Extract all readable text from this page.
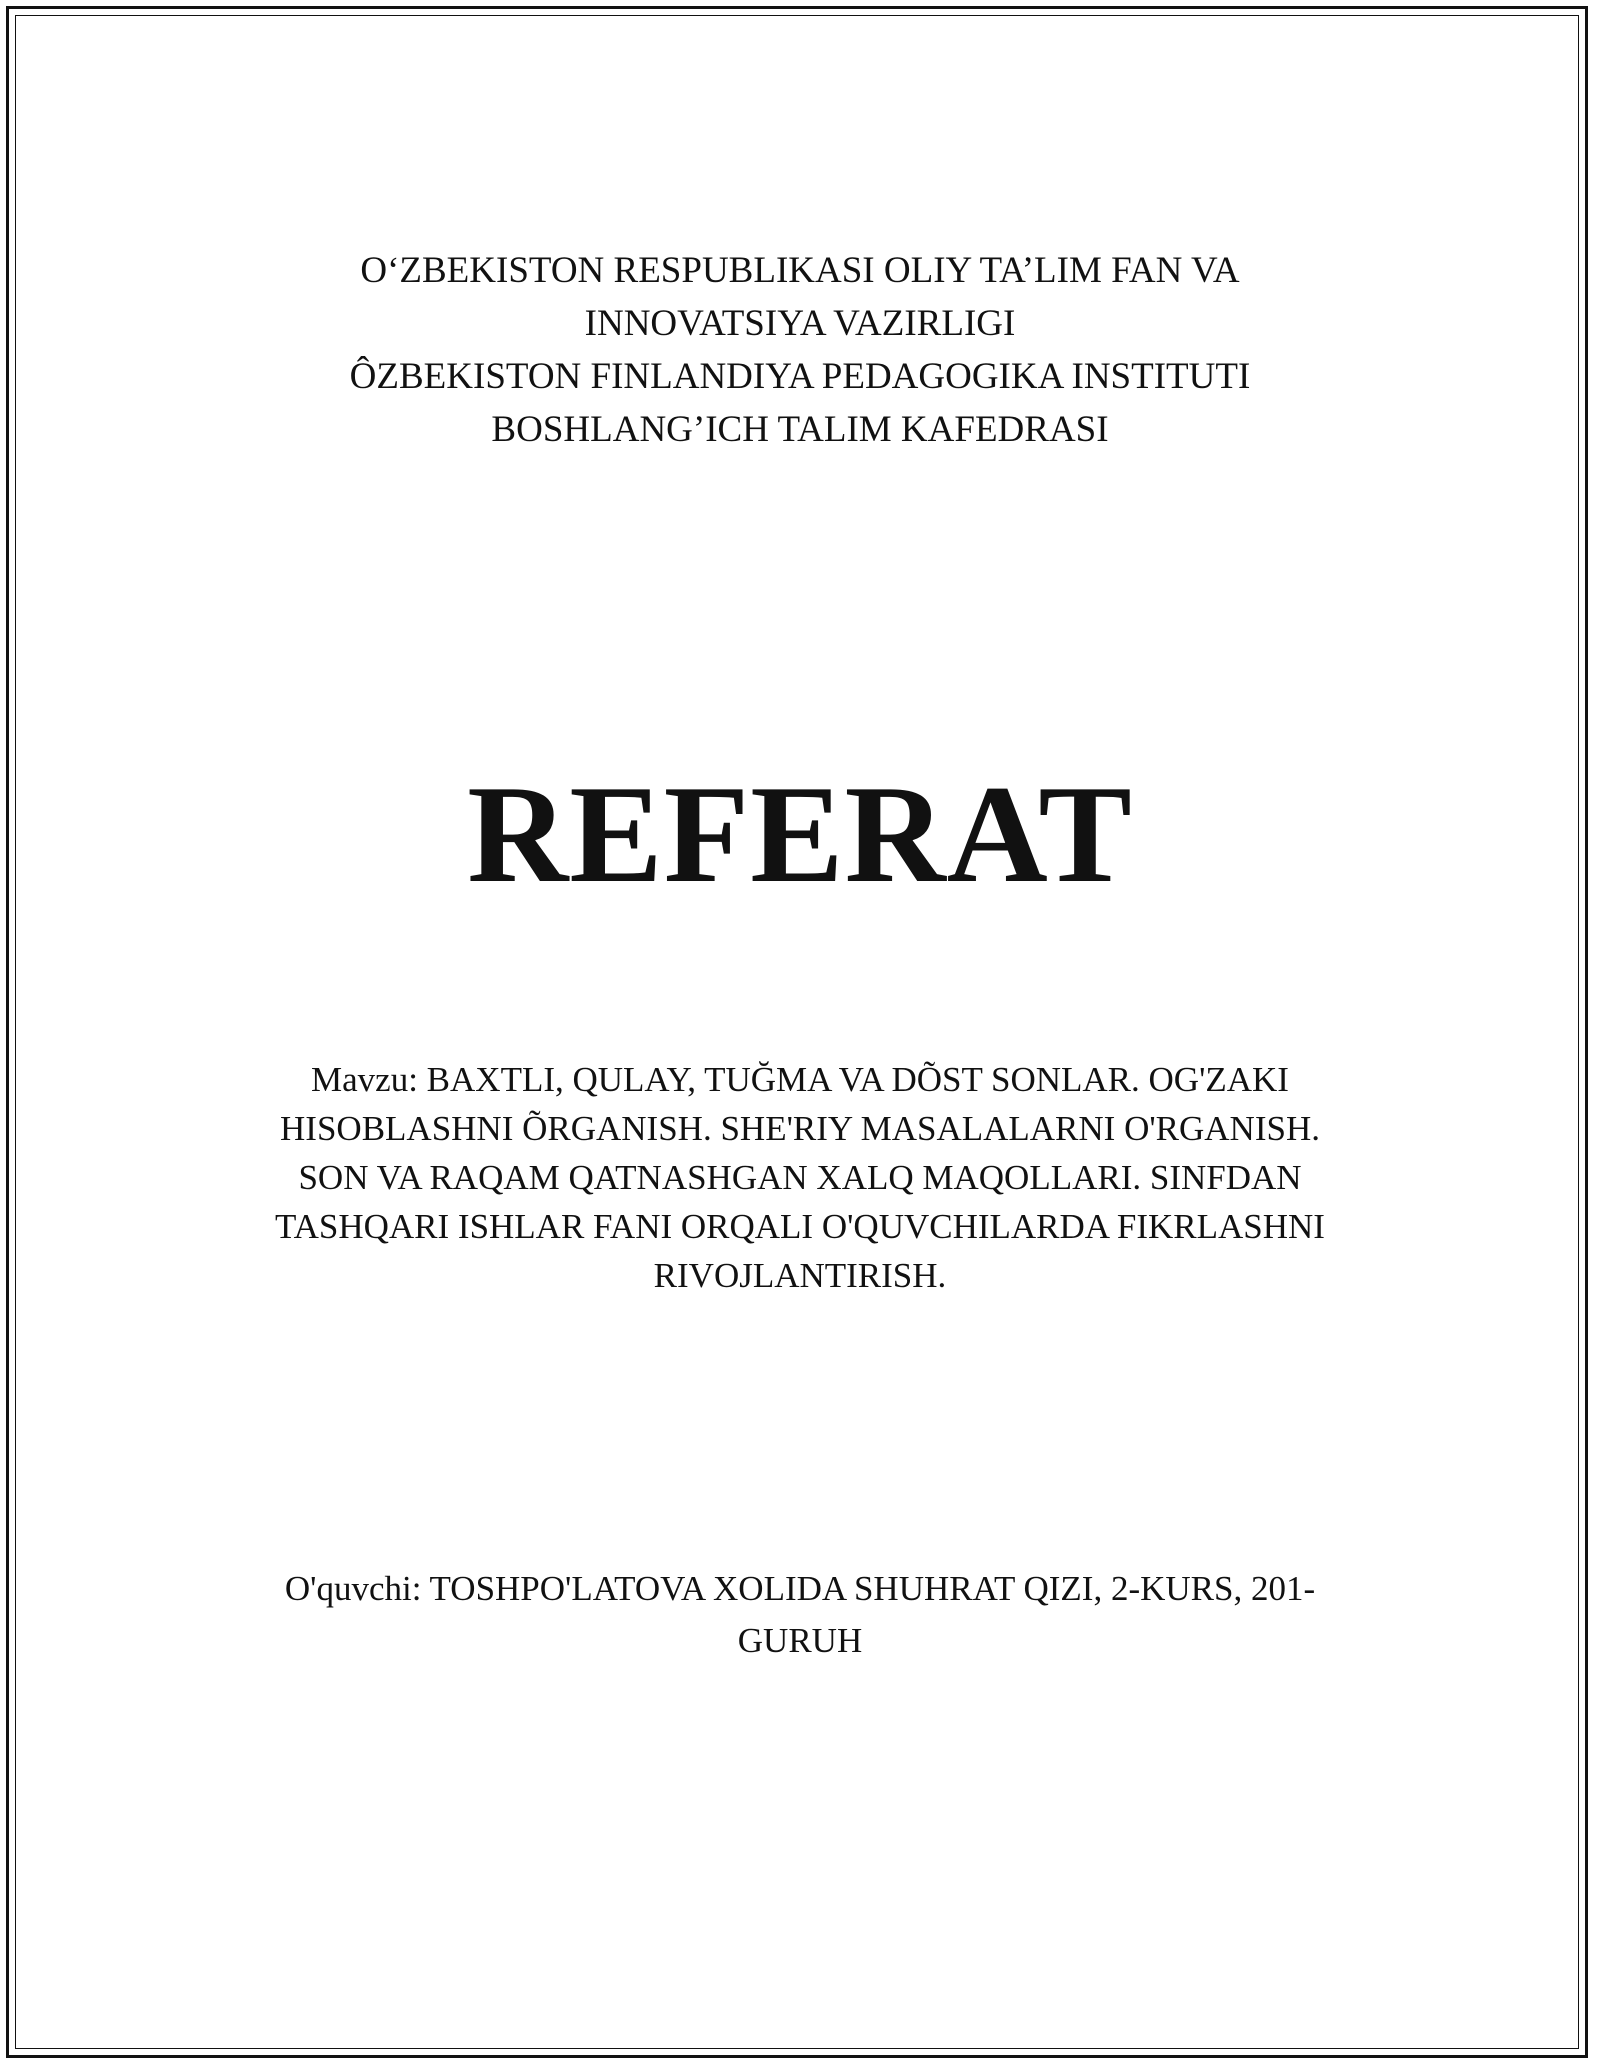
O‘ZBEKISTON RESPUBLIKASI OLIY TA’LIM FAN VA
INNOVATSIYA VAZIRLIGI
ÔZBEKISTON FINLANDIYA PEDAGOGIKA INSTITUTI
BOSHLANG’ICH TALIM KAFEDRASI
REFERAT
Mavzu: BAXTLI, QULAY, TUĞMA VA DÕST SONLAR. OG'ZAKI
HISOBLASHNI ÕRGANISH. SHE'RIY MASALALARNI O'RGANISH.
SON VA RAQAM QATNASHGAN XALQ MAQOLLARI. SINFDAN
TASHQARI ISHLAR FANI ORQALI O'QUVCHILARDA FIKRLASHNI
RIVOJLANTIRISH.
O'quvchi: TOSHPO'LATOVA XOLIDA SHUHRAT QIZI, 2-KURS, 201-
GURUH
